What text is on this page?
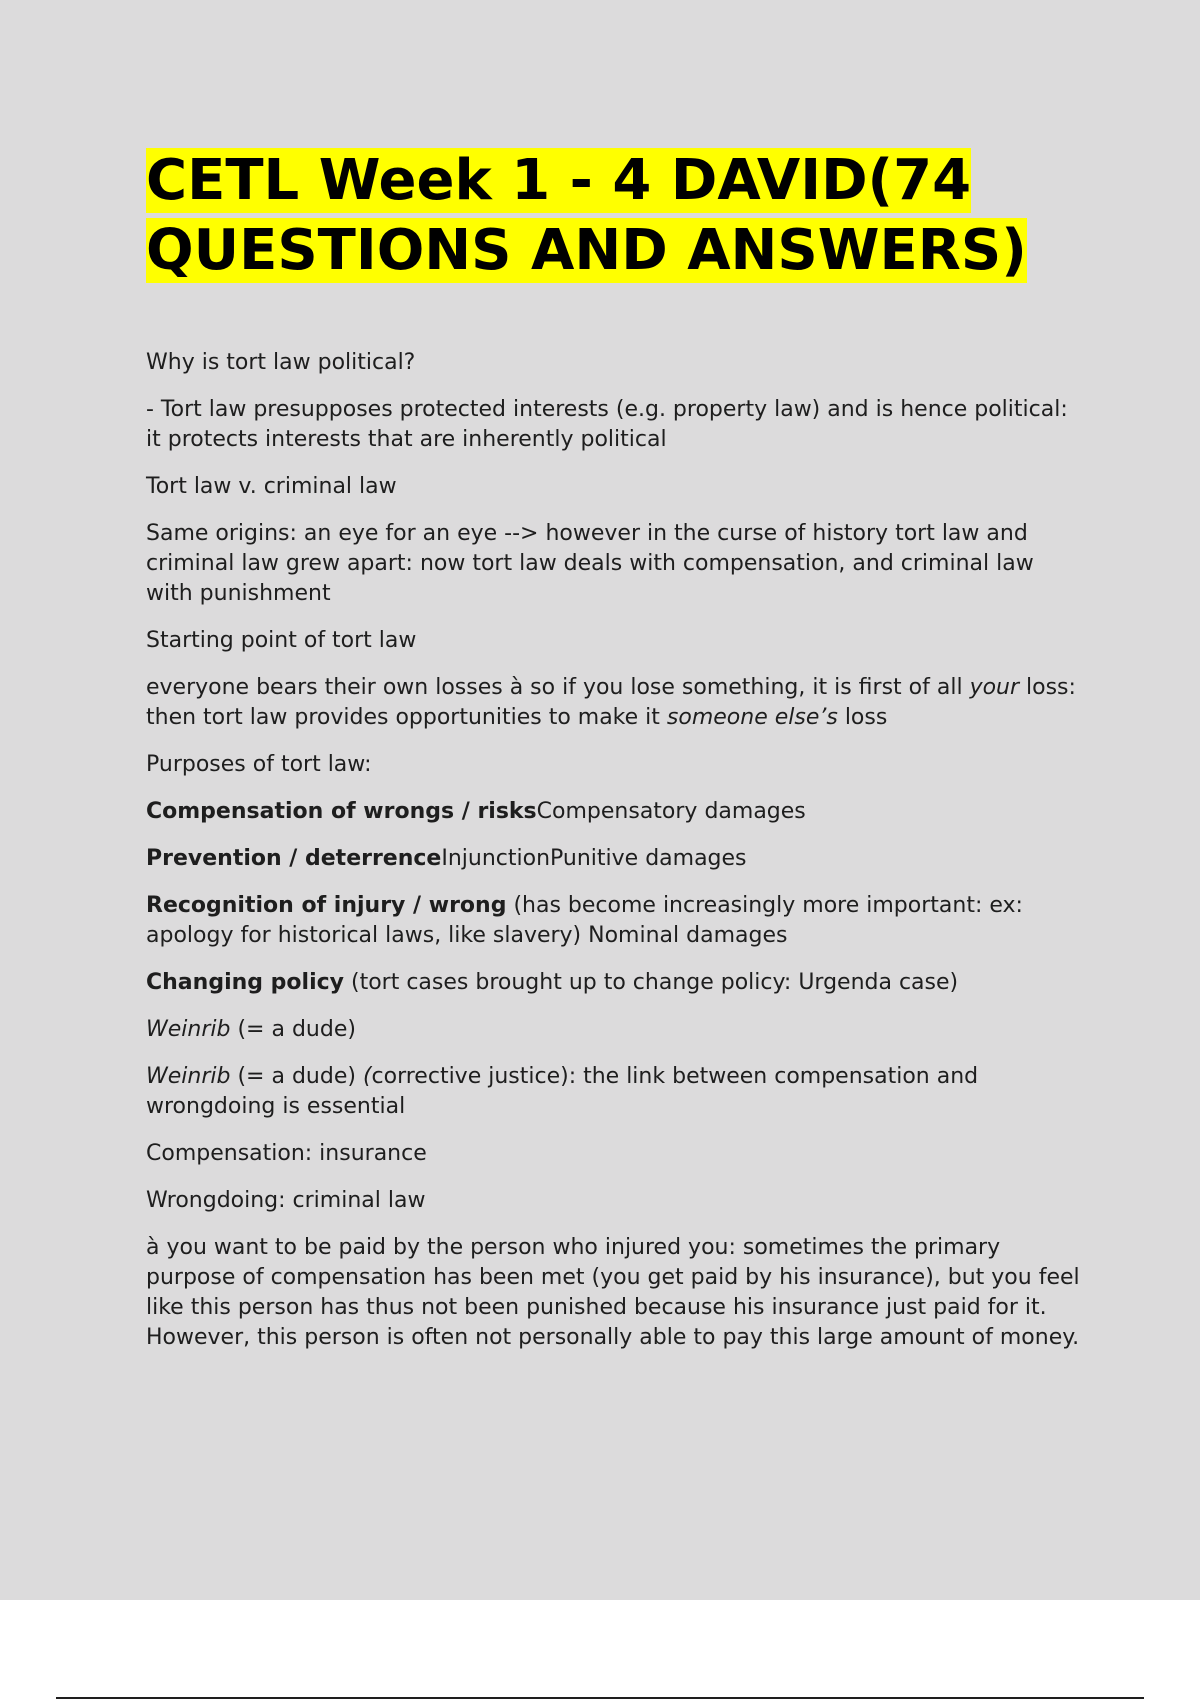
CETL Week 1 - 4 DAVID(74 QUESTIONS AND ANSWERS)

Why is tort law political?

- Tort law presupposes protected interests (e.g. property law) and is hence political: it protects interests that are inherently political

Tort law v. criminal law

Same origins: an eye for an eye --> however in the curse of history tort law and criminal law grew apart: now tort law deals with compensation, and criminal law with punishment

Starting point of tort law

everyone bears their own losses à so if you lose something, it is first of all your loss: then tort law provides opportunities to make it someone else’s loss

Purposes of tort law:

Compensation of wrongs / risksCompensatory damages

Prevention / deterrenceInjunctionPunitive damages

Recognition of injury / wrong (has become increasingly more important: ex: apology for historical laws, like slavery) Nominal damages

Changing policy (tort cases brought up to change policy: Urgenda case)

Weinrib (= a dude)

Weinrib (= a dude) (corrective justice): the link between compensation and wrongdoing is essential

Compensation: insurance

Wrongdoing: criminal law

à you want to be paid by the person who injured you: sometimes the primary purpose of compensation has been met (you get paid by his insurance), but you feel like this person has thus not been punished because his insurance just paid for it. However, this person is often not personally able to pay this large amount of money.
